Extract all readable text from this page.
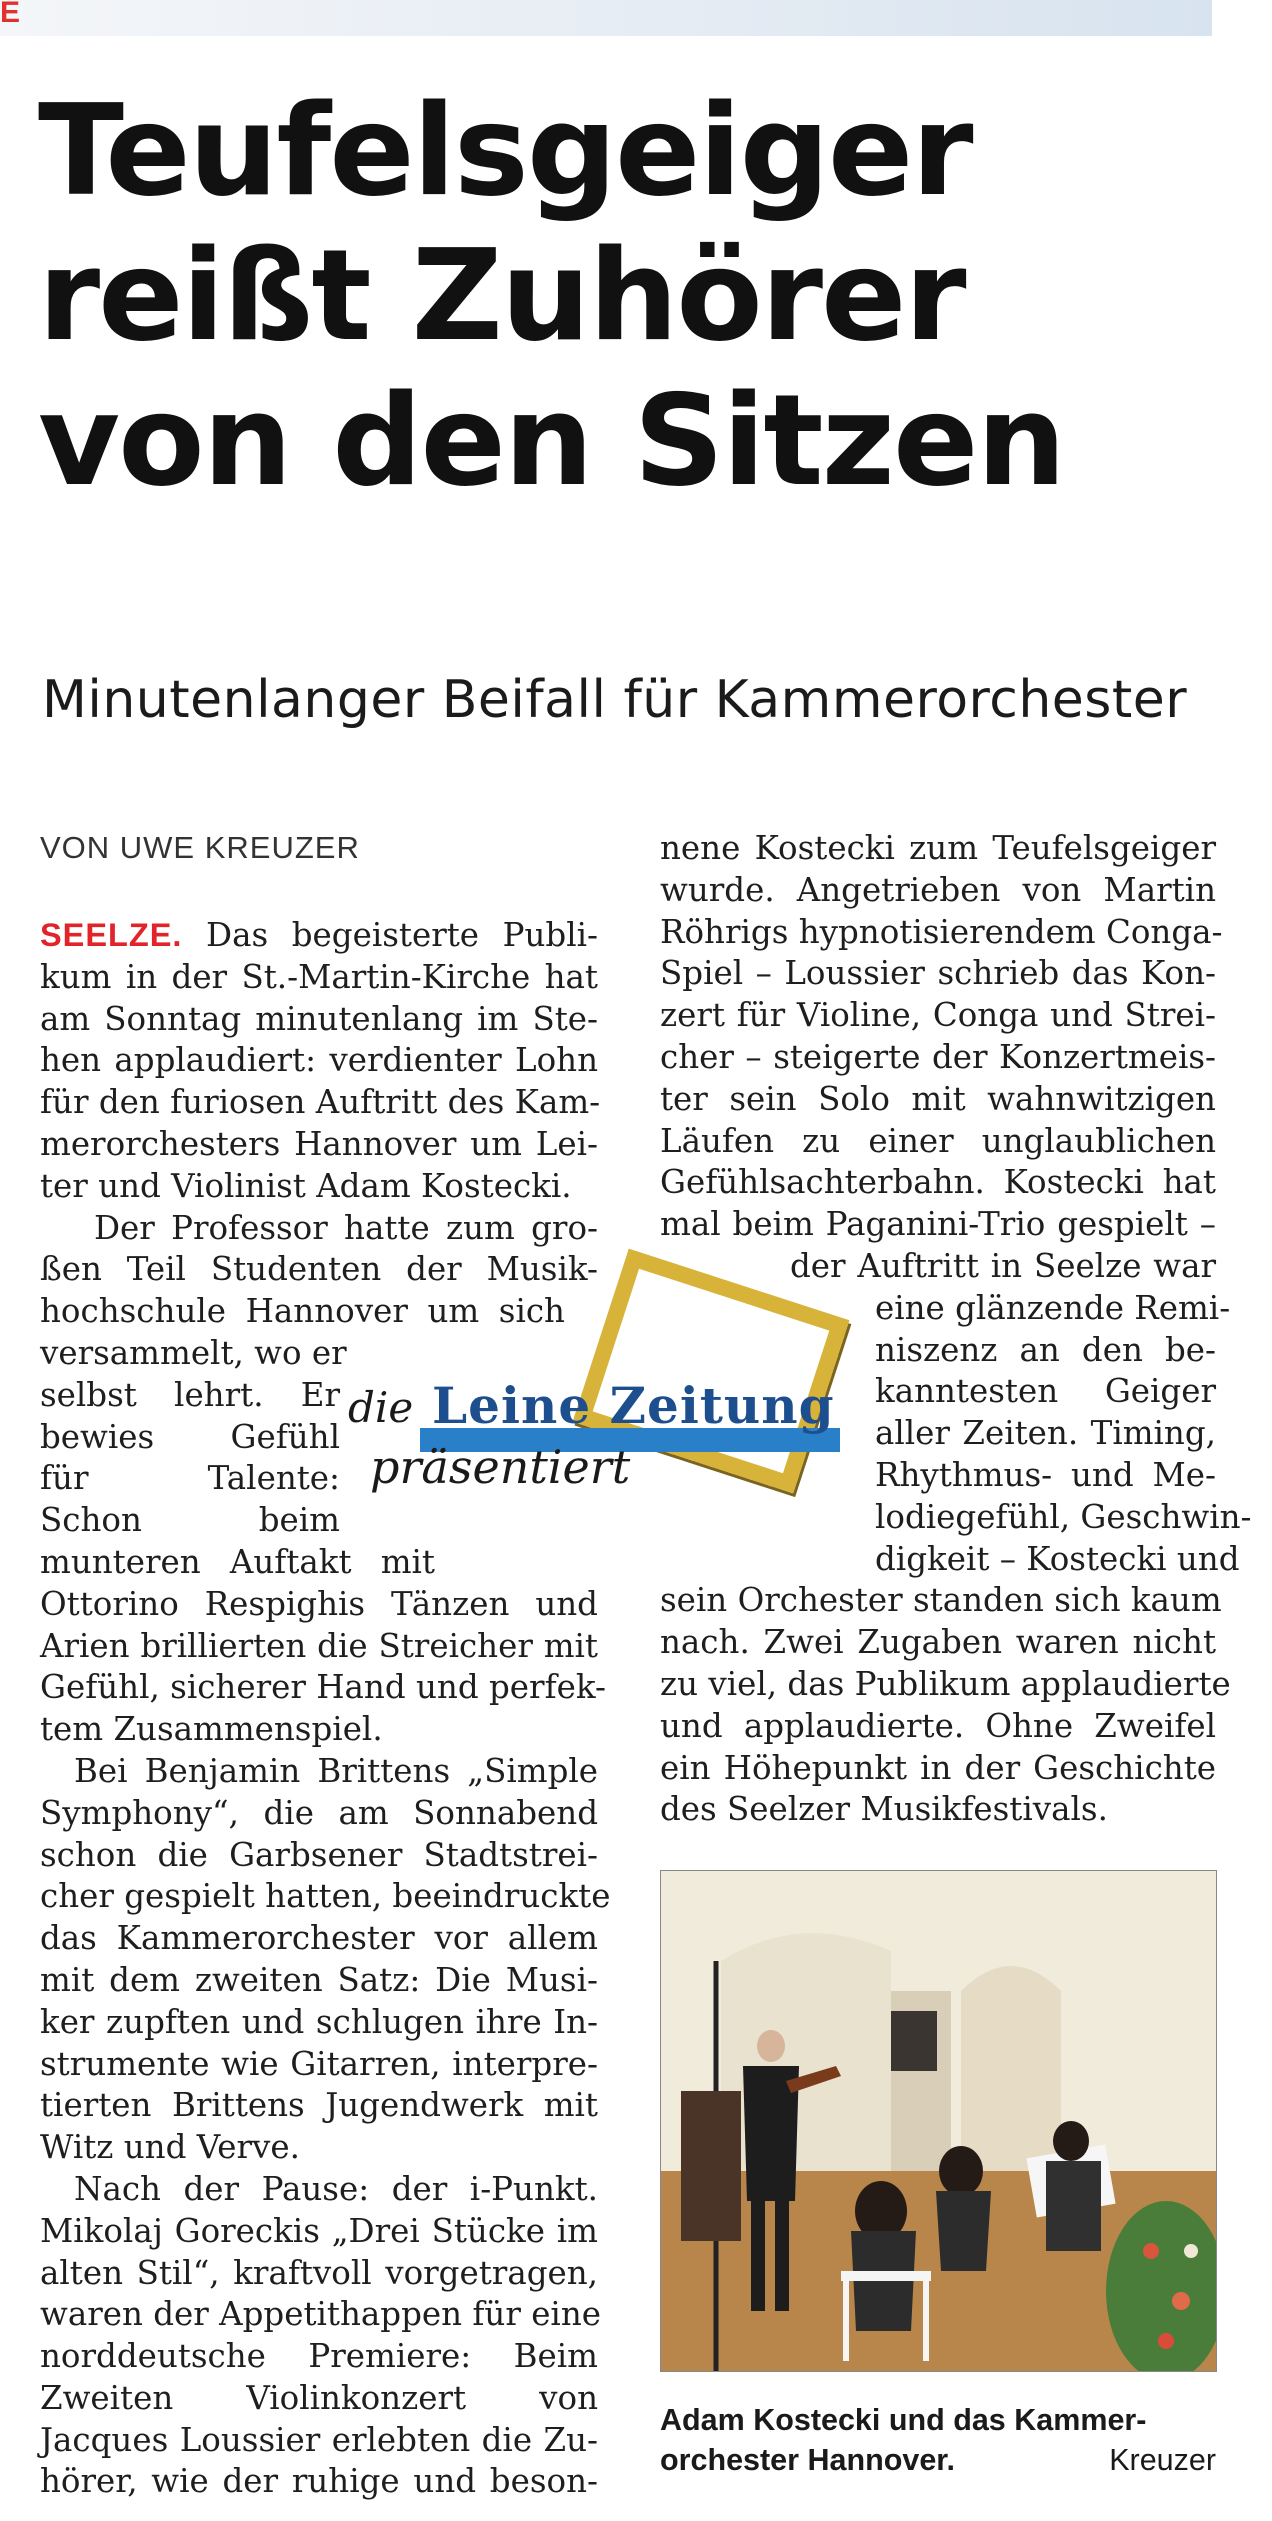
E
Teufelsgeiger
reißt Zuhörer
von den Sitzen
Minutenlanger Beifall für Kammerorchester
VON UWE KREUZER
SEELZE. Das begeisterte Publi-
kum in der St.-Martin-Kirche hat
am Sonntag minutenlang im Ste-
hen applaudiert: verdienter Lohn
für den furiosen Auftritt des Kam-
merorchesters Hannover um Lei-
ter und Violinist Adam Kostecki.
Der Professor hatte zum gro-
ßen Teil Studenten der Musik-
hochschule Hannover um sich
versammelt, wo er
selbst lehrt. Er
bewies Gefühl
für Talente:
Schon beim
munteren Auftakt mit
Ottorino Respighis Tänzen und
Arien brillierten die Streicher mit
Gefühl, sicherer Hand und perfek-
tem Zusammenspiel.
Bei Benjamin Brittens „Simple
Symphony“, die am Sonnabend
schon die Garbsener Stadtstrei-
cher gespielt hatten, beeindruckte
das Kammerorchester vor allem
mit dem zweiten Satz: Die Musi-
ker zupften und schlugen ihre In-
strumente wie Gitarren, interpre-
tierten Brittens Jugendwerk mit
Witz und Verve.
Nach der Pause: der i-Punkt.
Mikolaj Goreckis „Drei Stücke im
alten Stil“, kraftvoll vorgetragen,
waren der Appetithappen für eine
norddeutsche Premiere: Beim
Zweiten Violinkonzert von
Jacques Loussier erlebten die Zu-
hörer, wie der ruhige und beson-
nene Kostecki zum Teufelsgeiger
wurde. Angetrieben von Martin
Röhrigs hypnotisierendem Conga-
Spiel – Loussier schrieb das Kon-
zert für Violine, Conga und Strei-
cher – steigerte der Konzertmeis-
ter sein Solo mit wahnwitzigen
Läufen zu einer unglaublichen
Gefühlsachterbahn. Kostecki hat
mal beim Paganini-Trio gespielt –
der Auftritt in Seelze war
eine glänzende Remi-
niszenz an den be-
kanntesten Geiger
aller Zeiten. Timing,
Rhythmus- und Me-
lodiegefühl, Geschwin-
digkeit – Kostecki und
sein Orchester standen sich kaum
nach. Zwei Zugaben waren nicht
zu viel, das Publikum applaudierte
und applaudierte. Ohne Zweifel
ein Höhepunkt in der Geschichte
des Seelzer Musikfestivals.
die Leine Zeitung
präsentiert
Adam Kostecki und das Kammer-
orchester Hannover.	Kreuzer
